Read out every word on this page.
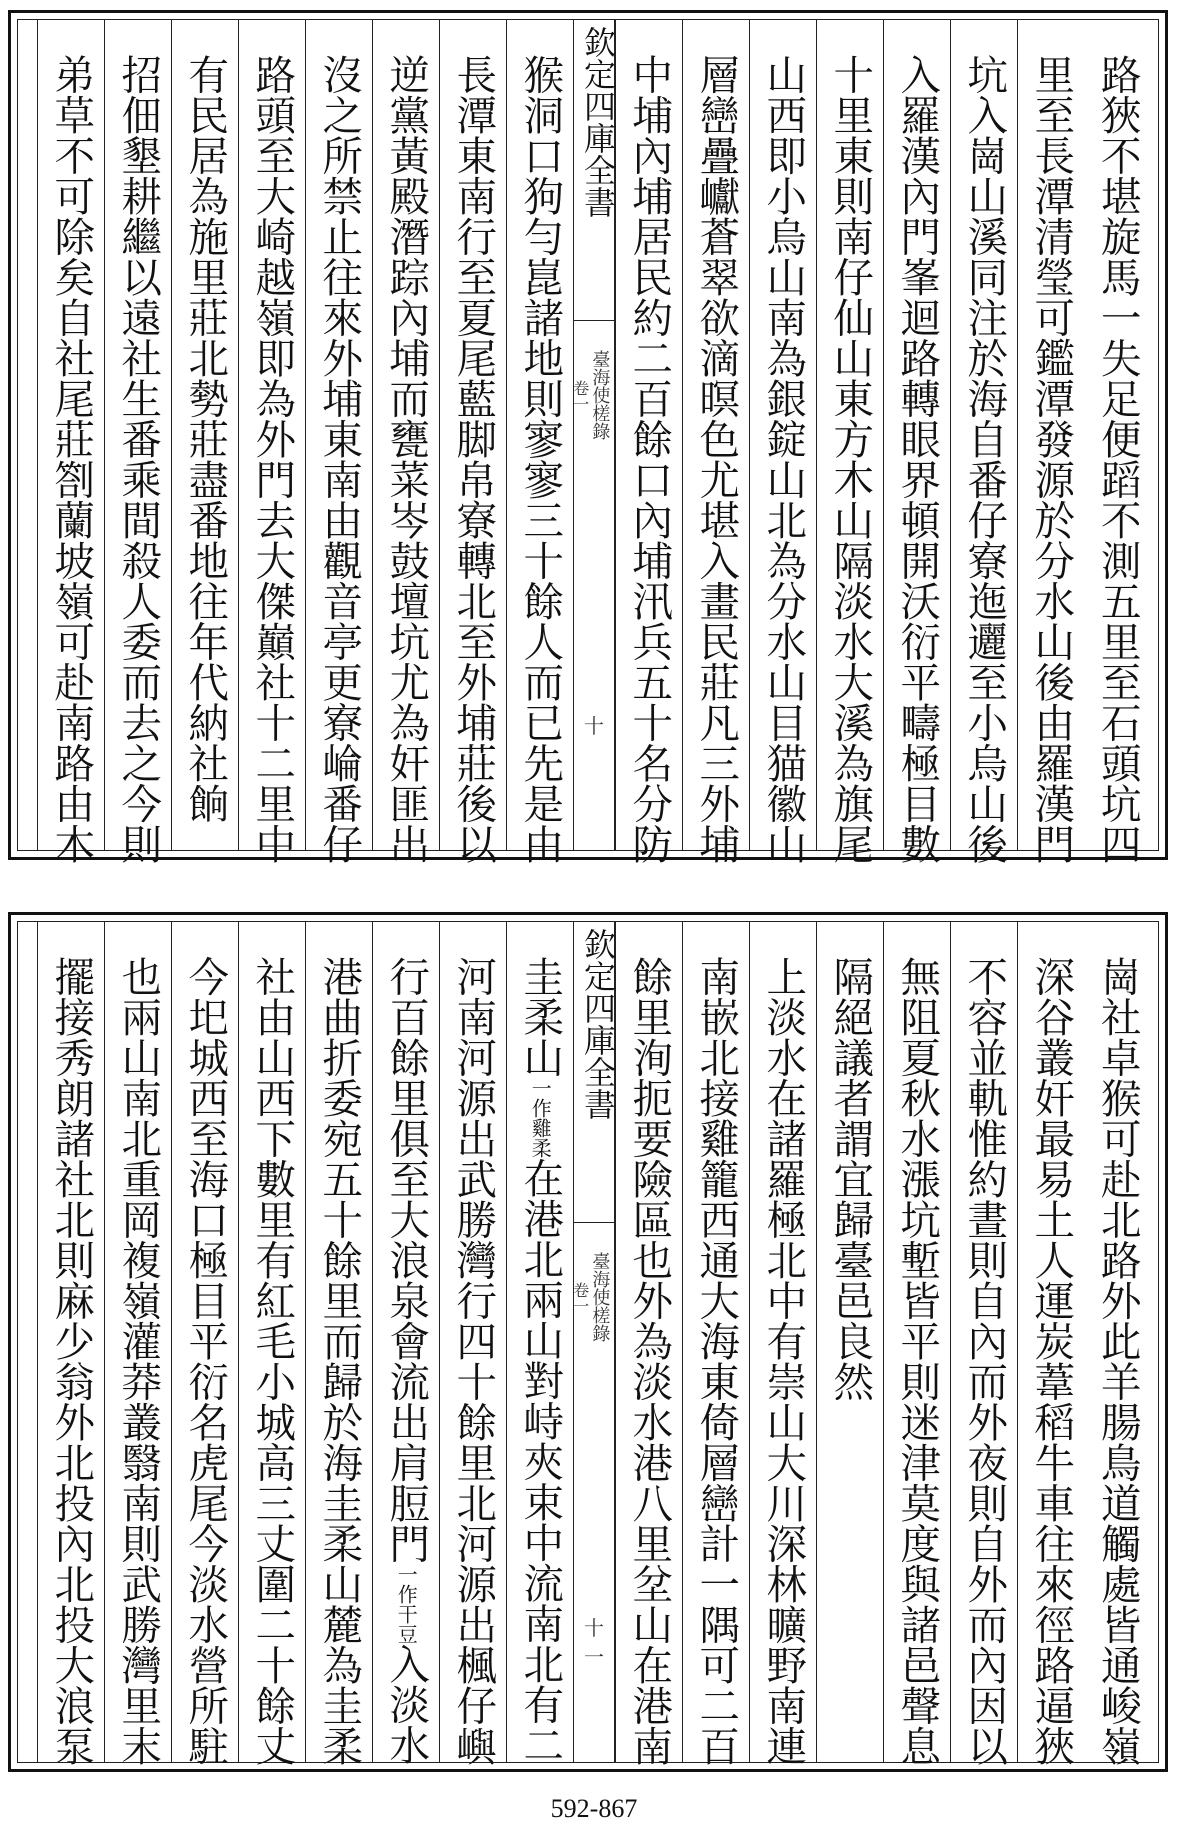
路狹不堪旋馬一失足便蹈不測五里至石頭坑四
里至長潭清瑩可鑑潭發源於分水山後由羅漢門
坑入崗山溪同注於海自番仔寮迤邐至小烏山後
入羅漢內門峯迴路轉眼界頓開沃衍平疇極目數
十里東則南仔仙山東方木山隔淡水大溪為旗尾
山西即小烏山南為銀錠山北為分水山目猫徽山
層巒疊巘蒼翠欲滴暝色尤堪入畫民莊凡三外埔
中埔內埔居民約二百餘口內埔汛兵五十名分防
欽定四庫全書
臺海使槎錄
卷一
十
猴洞口狗勻崑諸地則寥寥三十餘人而已先是由
長潭東南行至夏尾藍脚帛寮轉北至外埔莊後以
逆黨黃殿潛踪內埔而甕菜岑鼓壇坑尤為奸匪出
沒之所禁止往來外埔東南由觀音亭更寮崘番仔
路頭至大崎越嶺即為外門去大傑巔社十二里中
有民居為施里莊北勢莊盡番地往年代納社餉
招佃墾耕繼以遠社生番乘間殺人委而去之今則
弟草不可除矣自社尾莊劄蘭坡嶺可赴南路由木
崗社卓猴可赴北路外此羊腸鳥道觸處皆通峻嶺
深谷叢奸最易土人運炭葦稻牛車往來徑路逼狹
不容並軌惟約晝則自內而外夜則自外而內因以
無阻夏秋水漲坑塹皆平則迷津莫度與諸邑聲息
隔絕議者謂宜歸臺邑良然
上淡水在諸羅極北中有崇山大川深林曠野南連
南嵌北接雞籠西通大海東倚層巒計一隅可二百
餘里洵扼要險區也外為淡水港八里坌山在港南
欽定四庫全書
臺海使槎錄
卷一
十一
圭柔山一作雞柔在港北兩山對峙夾束中流南北有二
河南河源出武勝灣行四十餘里北河源出楓仔嶼
行百餘里俱至大浪泉會流出肩脰門一作干豆入淡水
港曲折委宛五十餘里而歸於海圭柔山麓為圭柔
社由山西下數里有紅毛小城高三丈圍二十餘丈
今圯城西至海口極目平衍名虎尾今淡水營所駐
也兩山南北重岡複嶺灌莽叢翳南則武勝灣里末
擺接秀朗諸社北則麻少翁外北投內北投大浪泵
592-867
